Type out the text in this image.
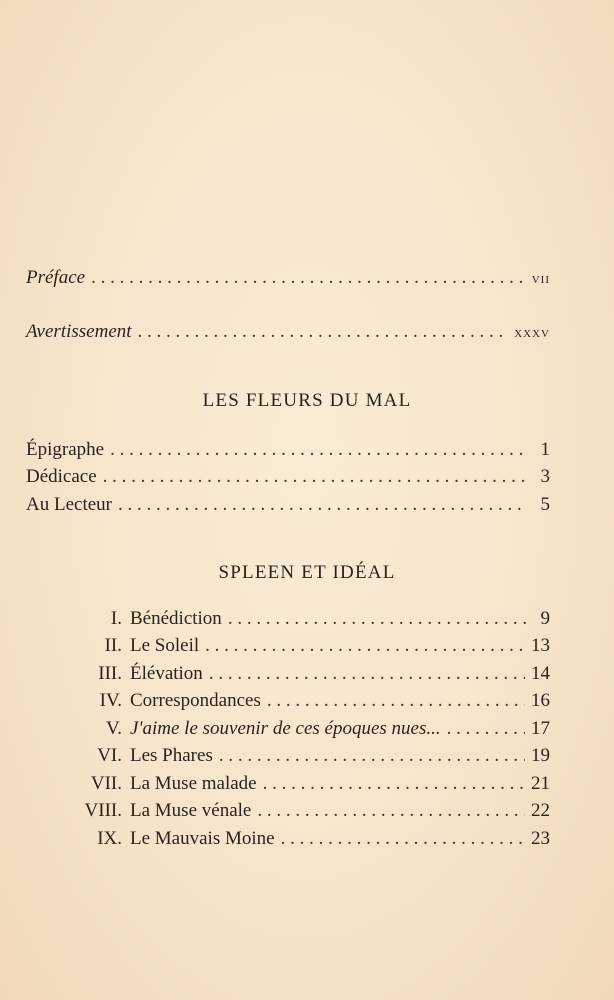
Préface . . .	vii
Avertissement . . .	xxxv
LES FLEURS DU MAL
Épigraphe . . .	1
Dédicace . . .	3
Au Lecteur . . .	5
SPLEEN ET IDÉAL
I. Bénédiction . . .	9
II. Le Soleil . . .	13
III. Élévation . . .	14
IV. Correspondances . . .	16
V. J'aime le souvenir de ces époques nues... . . .	17
VI. Les Phares . . .	19
VII. La Muse malade . . .	21
VIII. La Muse vénale . . .	22
IX. Le Mauvais Moine . . .	23
